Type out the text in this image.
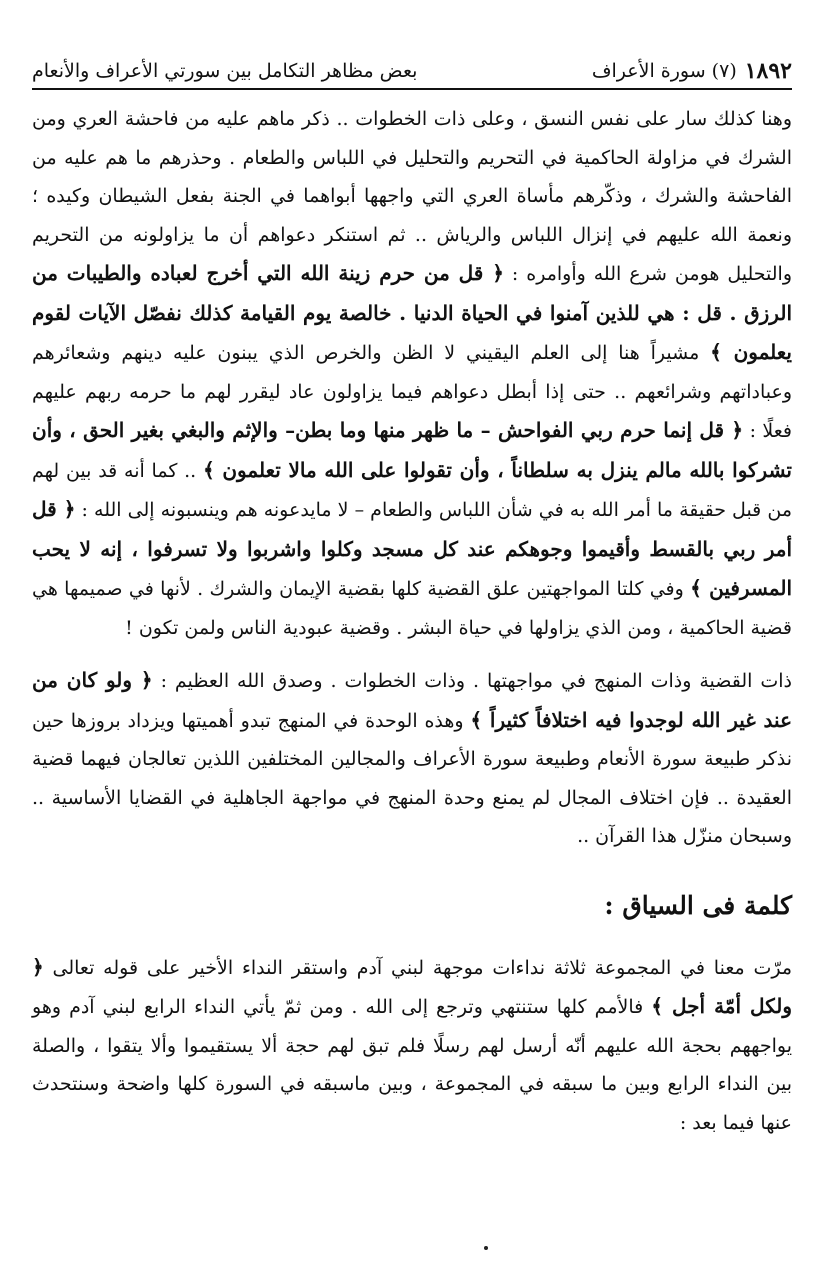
١٨٩٢
(٧) سورة الأعراف
بعض مظاهر التكامل بين سورتي الأعراف والأنعام

وهنا كذلك سار على نفس النسق ، وعلى ذات الخطوات .. ذكر ماهم عليه من فاحشة العري ومن الشرك في مزاولة الحاكمية في التحريم والتحليل في اللباس والطعام . وحذرهم ما هم عليه من الفاحشة والشرك ، وذكّرهم مأساة العري التي واجهها أبواهما في الجنة بفعل الشيطان وكيده ؛ ونعمة الله عليهم في إنزال اللباس والرياش .. ثم استنكر دعواهم أن ما يزاولونه من التحريم والتحليل هومن شرع الله وأوامره : ﴿ قل من حرم زينة الله التي أخرج لعباده والطيبات من الرزق . قل : هي للذين آمنوا في الحياة الدنيا . خالصة يوم القيامة كذلك نفصّل الآيات لقوم يعلمون ﴾ مشيراً هنا إلى العلم اليقيني لا الظن والخرص الذي يبنون عليه دينهم وشعائرهم وعباداتهم وشرائعهم .. حتى إذا أبطل دعواهم فيما يزاولون عاد ليقرر لهم ما حرمه ربهم عليهم فعلًا : ﴿ قل إنما حرم ربي الفواحش – ما ظهر منها وما بطن– والإثم والبغي بغير الحق ، وأن تشركوا بالله مالم ينزل به سلطاناً ، وأن تقولوا على الله مالا تعلمون ﴾ .. كما أنه قد بين لهم من قبل حقيقة ما أمر الله به في شأن اللباس والطعام – لا مايدعونه هم وينسبونه إلى الله : ﴿ قل أمر ربي بالقسط وأقيموا وجوهكم عند كل مسجد وكلوا واشربوا ولا تسرفوا ، إنه لا يحب المسرفين ﴾ وفي كلتا المواجهتين علق القضية كلها بقضية الإيمان والشرك . لأنها في صميمها هي قضية الحاكمية ، ومن الذي يزاولها في حياة البشر . وقضية عبودية الناس ولمن تكون !

ذات القضية وذات المنهج في مواجهتها . وذات الخطوات . وصدق الله العظيم : ﴿ ولو كان من عند غير الله لوجدوا فيه اختلافاً كثيراً ﴾ وهذه الوحدة في المنهج تبدو أهميتها ويزداد بروزها حين نذكر طبيعة سورة الأنعام وطبيعة سورة الأعراف والمجالين المختلفين اللذين تعالجان فيهما قضية العقيدة .. فإن اختلاف المجال لم يمنع وحدة المنهج في مواجهة الجاهلية في القضايا الأساسية .. وسبحان منزّل هذا القرآن ..

كلمة فى السياق :

مرّت معنا في المجموعة ثلاثة نداءات موجهة لبني آدم واستقر النداء الأخير على قوله تعالى ﴿ ولكل أمّة أجل ﴾ فالأمم كلها ستنتهي وترجع إلى الله . ومن ثمّ يأتي النداء الرابع لبني آدم وهو يواجههم بحجة الله عليهم أنّه أرسل لهم رسلًا فلم تبق لهم حجة ألا يستقيموا وألا يتقوا ، والصلة بين النداء الرابع وبين ما سبقه في المجموعة ، وبين ماسبقه في السورة كلها واضحة وسنتحدث عنها فيما بعد :
